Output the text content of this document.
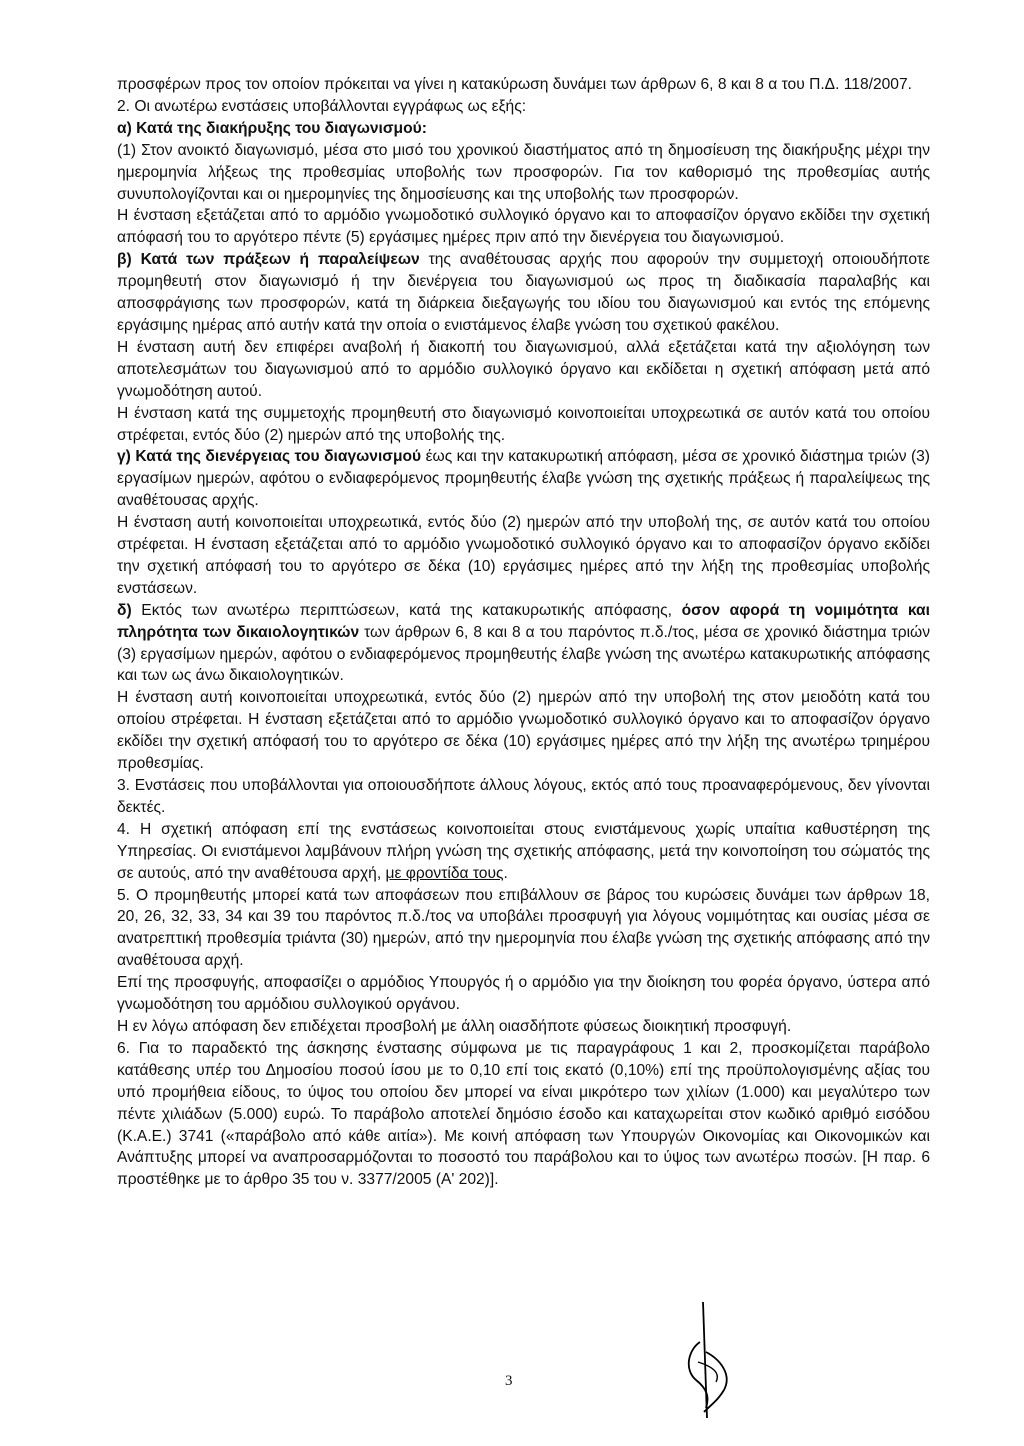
προσφέρων προς τον οποίον πρόκειται να γίνει η κατακύρωση δυνάμει των άρθρων 6, 8 και 8 α του Π.Δ. 118/2007.

2. Οι ανωτέρω ενστάσεις υποβάλλονται εγγράφως ως εξής:

α) Κατά της διακήρυξης του διαγωνισμού:

(1) Στον ανοικτό διαγωνισμό, μέσα στο μισό του χρονικού διαστήματος από τη δημοσίευση της διακήρυξης μέχρι την ημερομηνία λήξεως της προθεσμίας υποβολής των προσφορών. Για τον καθορισμό της προθεσμίας αυτής συνυπολογίζονται και οι ημερομηνίες της δημοσίευσης και της υποβολής των προσφορών.

Η ένσταση εξετάζεται από το αρμόδιο γνωμοδοτικό συλλογικό όργανο και το αποφασίζον όργανο εκδίδει την σχετική απόφασή του το αργότερο πέντε (5) εργάσιμες ημέρες πριν από την διενέργεια του διαγωνισμού.

β) Κατά των πράξεων ή παραλείψεων της αναθέτουσας αρχής που αφορούν την συμμετοχή οποιουδήποτε προμηθευτή στον διαγωνισμό ή την διενέργεια του διαγωνισμού ως προς τη διαδικασία παραλαβής και αποσφράγισης των προσφορών, κατά τη διάρκεια διεξαγωγής του ιδίου του διαγωνισμού και εντός της επόμενης εργάσιμης ημέρας από αυτήν κατά την οποία ο ενιστάμενος έλαβε γνώση του σχετικού φακέλου.

Η ένσταση αυτή δεν επιφέρει αναβολή ή διακοπή του διαγωνισμού, αλλά εξετάζεται κατά την αξιολόγηση των αποτελεσμάτων του διαγωνισμού από το αρμόδιο συλλογικό όργανο και εκδίδεται η σχετική απόφαση μετά από γνωμοδότηση αυτού.

Η ένσταση κατά της συμμετοχής προμηθευτή στο διαγωνισμό κοινοποιείται υποχρεωτικά σε αυτόν κατά του οποίου στρέφεται, εντός δύο (2) ημερών από της υποβολής της.

γ) Κατά της διενέργειας του διαγωνισμού έως και την κατακυρωτική απόφαση, μέσα σε χρονικό διάστημα τριών (3) εργασίμων ημερών, αφότου ο ενδιαφερόμενος προμηθευτής έλαβε γνώση της σχετικής πράξεως ή παραλείψεως της αναθέτουσας αρχής.

Η ένσταση αυτή κοινοποιείται υποχρεωτικά, εντός δύο (2) ημερών από την υποβολή της, σε αυτόν κατά του οποίου στρέφεται. Η ένσταση εξετάζεται από το αρμόδιο γνωμοδοτικό συλλογικό όργανο και το αποφασίζον όργανο εκδίδει την σχετική απόφασή του το αργότερο σε δέκα (10) εργάσιμες ημέρες από την λήξη της προθεσμίας υποβολής ενστάσεων.

δ) Εκτός των ανωτέρω περιπτώσεων, κατά της κατακυρωτικής απόφασης, όσον αφορά τη νομιμότητα και πληρότητα των δικαιολογητικών των άρθρων 6, 8 και 8 α του παρόντος π.δ./τος, μέσα σε χρονικό διάστημα τριών (3) εργασίμων ημερών, αφότου ο ενδιαφερόμενος προμηθευτής έλαβε γνώση της ανωτέρω κατακυρωτικής απόφασης και των ως άνω δικαιολογητικών.

Η ένσταση αυτή κοινοποιείται υποχρεωτικά, εντός δύο (2) ημερών από την υποβολή της στον μειοδότη κατά του οποίου στρέφεται. Η ένσταση εξετάζεται από το αρμόδιο γνωμοδοτικό συλλογικό όργανο και το αποφασίζον όργανο εκδίδει την σχετική απόφασή του το αργότερο σε δέκα (10) εργάσιμες ημέρες από την λήξη της ανωτέρω τριημέρου προθεσμίας.

3. Ενστάσεις που υποβάλλονται για οποιουσδήποτε άλλους λόγους, εκτός από τους προαναφερόμενους, δεν γίνονται δεκτές.

4. Η σχετική απόφαση επί της ενστάσεως κοινοποιείται στους ενιστάμενους χωρίς υπαίτια καθυστέρηση της Υπηρεσίας. Οι ενιστάμενοι λαμβάνουν πλήρη γνώση της σχετικής απόφασης, μετά την κοινοποίηση του σώματός της σε αυτούς, από την αναθέτουσα αρχή, με φροντίδα τους.

5. Ο προμηθευτής μπορεί κατά των αποφάσεων που επιβάλλουν σε βάρος του κυρώσεις δυνάμει των άρθρων 18, 20, 26, 32, 33, 34 και 39 του παρόντος π.δ./τος να υποβάλει προσφυγή για λόγους νομιμότητας και ουσίας μέσα σε ανατρεπτική προθεσμία τριάντα (30) ημερών, από την ημερομηνία που έλαβε γνώση της σχετικής απόφασης από την αναθέτουσα αρχή.

Επί της προσφυγής, αποφασίζει ο αρμόδιος Υπουργός ή ο αρμόδιο για την διοίκηση του φορέα όργανο, ύστερα από γνωμοδότηση του αρμόδιου συλλογικού οργάνου.

Η εν λόγω απόφαση δεν επιδέχεται προσβολή με άλλη οιασδήποτε φύσεως διοικητική προσφυγή.

6. Για το παραδεκτό της άσκησης ένστασης σύμφωνα με τις παραγράφους 1 και 2, προσκομίζεται παράβολο κατάθεσης υπέρ του Δημοσίου ποσού ίσου με το 0,10 επί τοις εκατό (0,10%) επί της προϋπολογισμένης αξίας του υπό προμήθεια είδους, το ύψος του οποίου δεν μπορεί να είναι μικρότερο των χιλίων (1.000) και μεγαλύτερο των πέντε χιλιάδων (5.000) ευρώ. Το παράβολο αποτελεί δημόσιο έσοδο και καταχωρείται στον κωδικό αριθμό εισόδου (Κ.Α.Ε.) 3741 («παράβολο από κάθε αιτία»). Με κοινή απόφαση των Υπουργών Οικονομίας και Οικονομικών και Ανάπτυξης μπορεί να αναπροσαρμόζονται το ποσοστό του παράβολου και το ύψος των ανωτέρω ποσών. [Η παρ. 6 προστέθηκε με το άρθρο 35 του ν. 3377/2005 (Α' 202)].

3
